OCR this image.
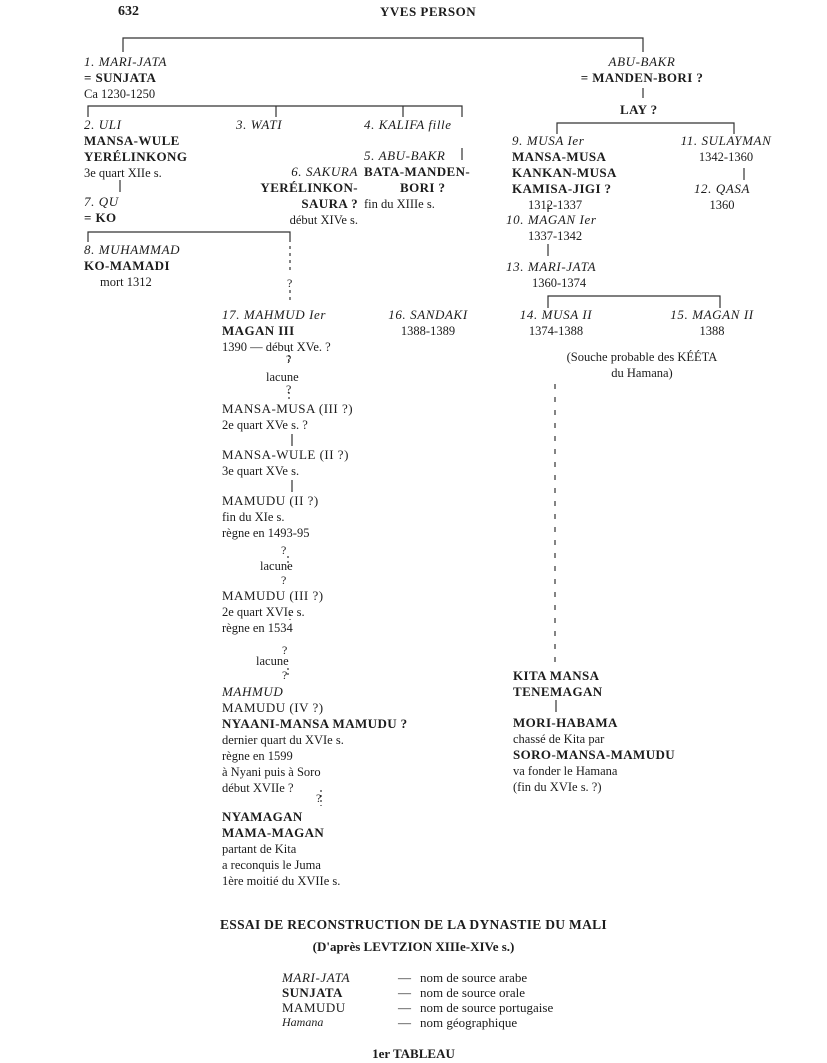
632	YVES PERSON
1. MARI-JATA
= SUNJATA
Ca 1230-1250
ABU-BAKR
= MANDEN-BORI ?
LAY ?
2. ULI
MANSA-WULE
YERÉLINKONG
3e quart XIIe s.
3. WATI	4. KALIFA fille
5. ABU-BAKR
BATA-MANDEN-
BORI ?
fin du XIIIe s.
6. SAKURA
YERÉLINKON-
SAURA ?
début XIVe s.
7. QU
= KO
8. MUHAMMAD
KO-MAMADI
mort 1312
9. MUSA Ier
MANSA-MUSA
KANKAN-MUSA
KAMISA-JIGI ?
1312-1337
11. SULAYMAN
1342-1360
12. QASA
1360
10. MAGAN Ier
1337-1342
13. MARI-JATA
1360-1374
14. MUSA II
1374-1388
15. MAGAN II
1388
(Souche probable des KÉÉTA
du Hamana)
?
?
?
?
?
?
?
?
16. SANDAKI
1388-1389
17. MAHMUD Ier
MAGAN III
1390 — début XVe. ?
lacune
MANSA-MUSA (III ?)
2e quart XVe s. ?
MANSA-WULE (II ?)
3e quart XVe s.
MAMUDU (II ?)
fin du XIe s.
règne en 1493-95
lacune
MAMUDU (III ?)
2e quart XVIe s.
règne en 1534
lacune
MAHMUD
MAMUDU (IV ?)
NYAANI-MANSA MAMUDU ?
dernier quart du XVIe s.
règne en 1599
à Nyani puis à Soro
début XVIIe ?
NYAMAGAN
MAMA-MAGAN
partant de Kita
a reconquis le Juma
1ère moitié du XVIIe s.
KITA MANSA
TENEMAGAN
MORI-HABAMA
chassé de Kita par
SORO-MANSA-MAMUDU
va fonder le Hamana
(fin du XVIe s. ?)
ESSAI DE RECONSTRUCTION DE LA DYNASTIE DU MALI
(D'après LEVTZION XIIIe-XIVe s.)
MARI-JATA	— nom de source arabe
SUNJATA	— nom de source orale
MAMUDU	— nom de source portugaise
Hamana	— nom géographique
1er TABLEAU
